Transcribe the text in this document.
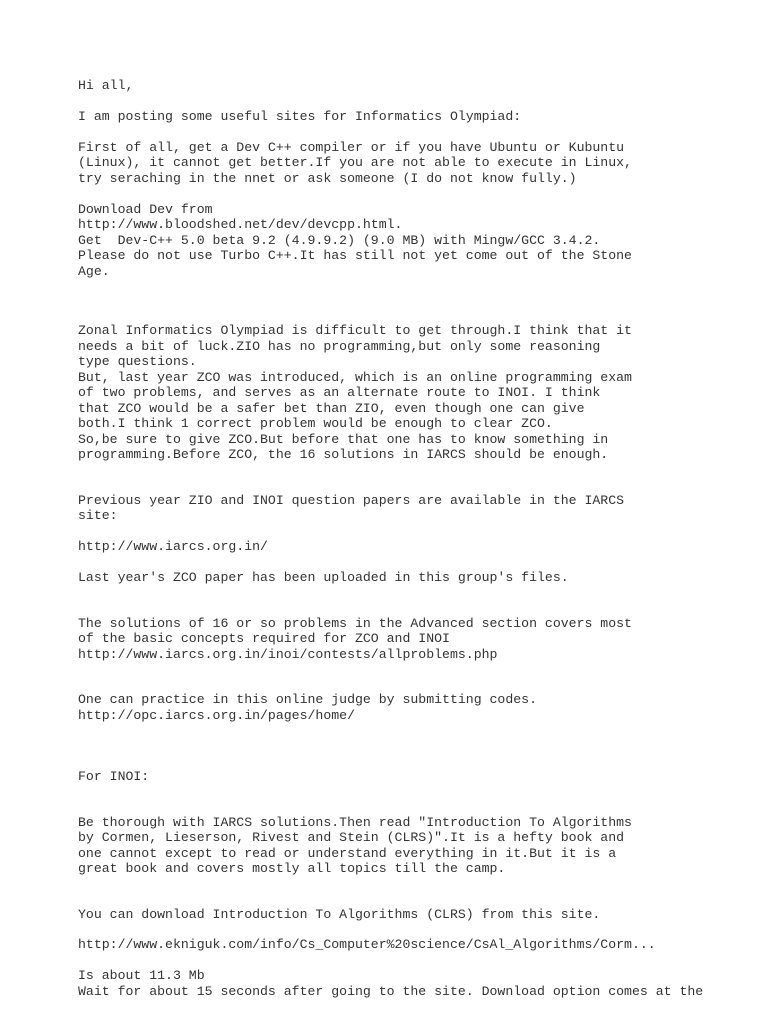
Hi all,

I am posting some useful sites for Informatics Olympiad:

First of all, get a Dev C++ compiler or if you have Ubuntu or Kubuntu

(Linux), it cannot get better.If you are not able to execute in Linux,

try seraching in the nnet or ask someone (I do not know fully.)

Download Dev from

http://www.bloodshed.net/dev/devcpp.html.

Get  Dev-C++ 5.0 beta 9.2 (4.9.9.2) (9.0 MB) with Mingw/GCC 3.4.2.

Please do not use Turbo C++.It has still not yet come out of the Stone

Age.

Zonal Informatics Olympiad is difficult to get through.I think that it

needs a bit of luck.ZIO has no programming,but only some reasoning

type questions.

But, last year ZCO was introduced, which is an online programming exam

of two problems, and serves as an alternate route to INOI. I think

that ZCO would be a safer bet than ZIO, even though one can give

both.I think 1 correct problem would be enough to clear ZCO.

So,be sure to give ZCO.But before that one has to know something in

programming.Before ZCO, the 16 solutions in IARCS should be enough.

Previous year ZIO and INOI question papers are available in the IARCS

site:

http://www.iarcs.org.in/

Last year's ZCO paper has been uploaded in this group's files.

The solutions of 16 or so problems in the Advanced section covers most

of the basic concepts required for ZCO and INOI

http://www.iarcs.org.in/inoi/contests/allproblems.php

One can practice in this online judge by submitting codes.

http://opc.iarcs.org.in/pages/home/

For INOI:

Be thorough with IARCS solutions.Then read "Introduction To Algorithms

by Cormen, Lieserson, Rivest and Stein (CLRS)".It is a hefty book and

one cannot except to read or understand everything in it.But it is a

great book and covers mostly all topics till the camp.

You can download Introduction To Algorithms (CLRS) from this site.

http://www.ekniguk.com/info/Cs_Computer%20science/CsAl_Algorithms/Corm...

Is about 11.3 Mb

Wait for about 15 seconds after going to the site. Download option comes at the
